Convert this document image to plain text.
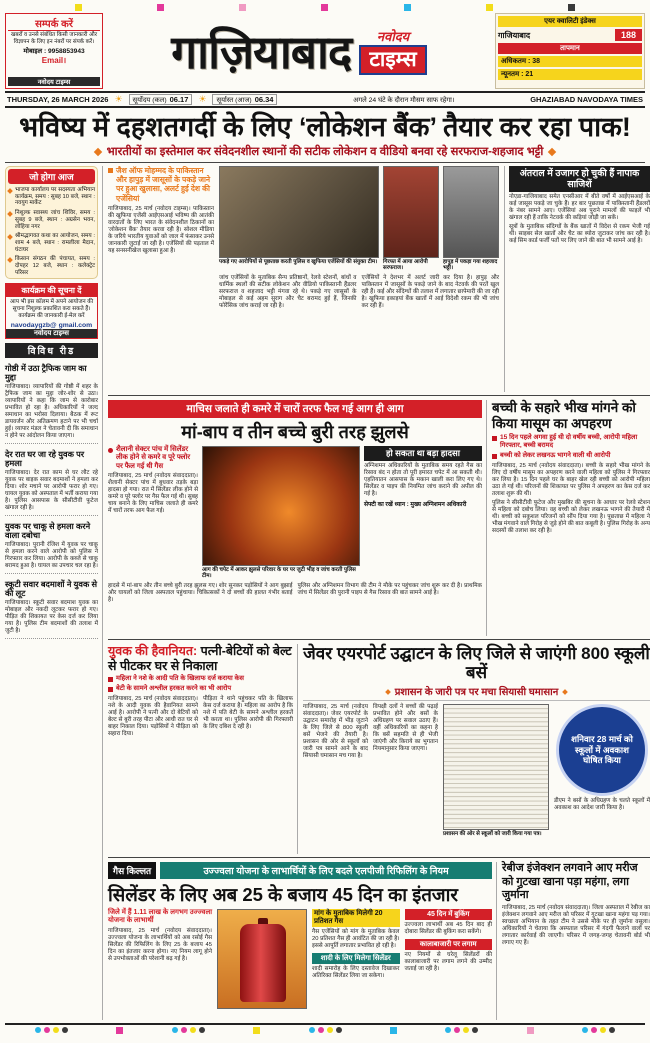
सम्पर्क करें
खबरों व उनसे संबंधित किसी जानकारी और विज्ञापन के लिए इन नंबरों पर संपर्क करें।
मोबाइल : 9958853943
Email।
नवोदय टाइम्स
गाज़ियाबाद नवोदय
टाइम्स
एयर क्वालिटी इंडेक्स
गाजियाबाद	188
तापमान
अधिकतम : 38
न्यूनतम : 21
THURSDAY, 26 MARCH 2026 ☀ सूर्योदय (कल) 06.17 ☀ सूर्यास्त (आज) 06.34	अगले 24 घंटे के दौरान मौसम साफ रहेगा।	GHAZIABAD NAVODAYA TIMES
भविष्य में दहशतगर्दी के लिए ‘लोकेशन बैंक’ तैयार कर रहा पाक!
भारतीयों का इस्तेमाल कर संवेदनशील स्थानों की सटीक लोकेशन व वीडियो बनवा रहे सरफराज-शहजाद भट्टी
जो होगा आज
भाजपा कार्यालय पर सदस्यता अभियान कार्यक्रम, समय : सुबह 10 बजे, स्थान : नवयुग मार्केट
निशुल्क स्वास्थ्य जांच शिविर, समय : सुबह 9 बजे, स्थान : अग्रसेन भवन, लोहिया नगर
श्रीमद्भागवत कथा का आयोजन, समय : शाम 4 बजे, स्थान : रामलीला मैदान, घंटाघर
किसान संगठन की पंचायत, समय : दोपहर 12 बजे, स्थान : कलेक्ट्रेट परिसर
कार्यक्रम की सूचना दें
आप भी इस कॉलम में अपने आयोजन की सूचना निशुल्क प्रकाशित करा सकते हैं। कार्यक्रम की जानकारी ई-मेल करें
navodaygzb@ gmail.com
नवोदय टाइम्स
विविध रीड
गोष्ठी में उठा ट्रैफिक जाम का मुद्दा

गाजियाबाद। व्यापारियों की गोष्ठी में शहर के ट्रैफिक जाम का मुद्दा जोर-शोर से उठा। व्यापारियों ने कहा कि जाम से कारोबार प्रभावित हो रहा है। अधिकारियों ने जल्द समाधान का भरोसा दिलाया। बैठक में रूट डायवर्जन और अतिक्रमण हटाने पर भी चर्चा हुई। व्यापार मंडल ने चेतावनी दी कि समाधान न होने पर आंदोलन किया जाएगा।

देर रात घर जा रहे युवक पर हमला

गाजियाबाद। देर रात काम से घर लौट रहे युवक पर बाइक सवार बदमाशों ने हमला कर दिया। शोर मचाने पर आरोपी फरार हो गए। घायल युवक को अस्पताल में भर्ती कराया गया है। पुलिस आसपास के सीसीटीवी फुटेज खंगाल रही है।

युवक पर चाकू से हमला करने वाला दबोचा

गाजियाबाद। पुरानी रंजिश में युवक पर चाकू से हमला करने वाले आरोपी को पुलिस ने गिरफ्तार कर लिया। आरोपी के कब्जे से चाकू बरामद हुआ है। घायल का उपचार चल रहा है।

स्कूटी सवार बदमाशों ने युवक से की लूट

गाजियाबाद। स्कूटी सवार बदमाश युवक का मोबाइल और नकदी लूटकर फरार हो गए। पीड़ित की शिकायत पर केस दर्ज कर लिया गया है। पुलिस टीम बदमाशों की तलाश में जुटी है।

जैश ऑफ मोहम्मद के पाकिस्तान और हापुड़ में जासूसों के पकड़े जाने पर हुआ खुलासा, अलर्ट हुई देश की एजेंसियां

गाजियाबाद, 25 मार्च (नवोदय टाइम्स)। पाकिस्तान की खुफिया एजेंसी आईएसआई भविष्य की आतंकी वारदातों के लिए भारत के संवेदनशील ठिकानों का ‘लोकेशन बैंक’ तैयार करवा रही है। सोशल मीडिया के जरिये भारतीय युवाओं को जाल में फंसाकर उनसे जानकारी जुटाई जा रही है। एजेंसियों की पड़ताल में यह सनसनीखेज खुलासा हुआ है।

पकड़े गए आरोपियों से पूछताछ करती पुलिस व खुफिया एजेंसियों की संयुक्त टीम।	गिरफ्त में आया आरोपी सरफराज।
हापुड़ में पकड़ा गया शहजाद भट्टी।
जांच एजेंसियों के मुताबिक सैन्य प्रतिष्ठानों, रेलवे स्टेशनों, बांधों व धार्मिक स्थलों की सटीक लोकेशन और वीडियो पाकिस्तानी हैंडलर सरफराज व शहजाद भट्टी मंगवा रहे थे। पकड़े गए जासूसों के मोबाइल से कई अहम सुराग और चैट बरामद हुई हैं, जिनकी फोरेंसिक जांच कराई जा रही है।
एजेंसियों ने देशभर में अलर्ट जारी कर दिया है। हापुड़ और पाकिस्तान में जासूसों के पकड़े जाने के बाद नेटवर्क की परतें खुल रही हैं। कई और संदिग्धों की तलाश में लगातार छापेमारी की जा रही है। खुफिया इकाइयां बैंक खातों में आई विदेशी रकम की भी जांच कर रही हैं।
अंतराल में उजागर हो चुकी हैं नापाक साजिशें

नोएडा-गाजियाबाद समेत एनसीआर में बीते वर्षों में आईएसआई के कई जासूस पकड़े जा चुके हैं। हर बार पूछताछ में पाकिस्तानी हैंडलरों के नंबर सामने आए। एजेंसियां अब पुराने मामलों की फाइलें भी खंगाल रही हैं ताकि नेटवर्क की कड़ियां जोड़ी जा सकें।

सूत्रों के मुताबिक संदिग्धों के बैंक खातों में विदेश से रकम भेजी गई थी। साइबर सेल खातों और चैट का ब्योरा जुटाकर जांच कर रही है। कई सिम कार्ड फर्जी पतों पर लिए जाने की बात भी सामने आई है।

माचिस जलाते ही कमरे में चारों तरफ फैल गई आग ही आग
मां-बाप व तीन बच्चे बुरी तरह झुलसे
शैलानी सेक्टर पांच में सिलेंडर लीक होने से कमरे व पूरे फ्लोर पर फैल गई थी गैस

गाजियाबाद, 25 मार्च (नवोदय संवाददाता)। शैलानी सेक्टर पांच में बुधवार तड़के बड़ा हादसा हो गया। रात में सिलेंडर लीक होने से कमरे व पूरे फ्लोर पर गैस फैल गई थी। सुबह चाय बनाने के लिए माचिस जलाते ही कमरे में चारों तरफ आग फैल गई।

आग की चपेट में आकर झुलसे परिवार के घर पर जुटी भीड़ व जांच करती पुलिस टीम।
हो सकता था बड़ा हादसा

अग्निशमन अधिकारियों के मुताबिक समय रहते गैस का रिसाव बंद न होता तो पूरी इमारत चपेट में आ सकती थी। एहतियातन आसपास के मकान खाली करा लिए गए थे। सिलेंडर व पाइप की नियमित जांच कराने की अपील की गई है।

सेफ्टी का रखें ध्यान : मुख्य अग्निशमन अधिकारी
हादसे में मां-बाप और तीन बच्चे बुरी तरह झुलस गए। शोर सुनकर पड़ोसियों ने आग बुझाई और घायलों को जिला अस्पताल पहुंचाया। चिकित्सकों ने दो बच्चों की हालत गंभीर बताई है।
पुलिस और अग्निशमन विभाग की टीम ने मौके पर पहुंचकर जांच शुरू कर दी है। प्राथमिक जांच में सिलेंडर की पुरानी पाइप से गैस रिसाव की बात सामने आई है।
बच्ची के सहारे भीख मांगने को किया मासूम का अपहरण
15 दिन पहले अगवा हुई थी दो वर्षीय बच्ची, आरोपी महिला गिरफ्तार, बच्ची बरामद
बच्ची को लेकर लखनऊ भागने वाली थी आरोपी

गाजियाबाद, 25 मार्च (नवोदय संवाददाता)। बच्ची के सहारे भीख मांगने के लिए दो वर्षीय मासूम का अपहरण करने वाली महिला को पुलिस ने गिरफ्तार कर लिया है। 15 दिन पहले घर के बाहर खेल रही बच्ची को आरोपी महिला उठा ले गई थी। परिजनों की शिकायत पर पुलिस ने अपहरण का केस दर्ज कर तलाश शुरू की थी।

पुलिस ने सीसीटीवी फुटेज और मुखबिर की सूचना के आधार पर रेलवे स्टेशन से महिला को दबोच लिया। वह बच्ची को लेकर लखनऊ भागने की तैयारी में थी। बच्ची को सकुशल परिजनों को सौंप दिया गया है। पूछताछ में महिला ने भीख मंगवाने वाले गिरोह से जुड़े होने की बात कबूली है। पुलिस गिरोह के अन्य सदस्यों की तलाश कर रही है।

युवक की हैवानियत: पत्नी-बेटियों को बेल्ट से पीटकर घर से निकाला
महिला ने नशे के आदी पति के खिलाफ दर्ज कराया केस
बेटी के सामने अश्लील हरकत करने का भी आरोप
गाजियाबाद, 25 मार्च (नवोदय संवाददाता)। नशे के आदी युवक की हैवानियत सामने आई है। आरोपी ने पत्नी और दो बेटियों को बेल्ट से बुरी तरह पीटा और आधी रात घर से बाहर निकाल दिया। पड़ोसियों ने पीड़िता को सहारा दिया।
पीड़िता ने थाने पहुंचकर पति के खिलाफ केस दर्ज कराया है। महिला का आरोप है कि नशे में पति बेटी के सामने अश्लील हरकतें भी करता था। पुलिस आरोपी की गिरफ्तारी के लिए दबिश दे रही है।
जेवर एयरपोर्ट उद्घाटन के लिए जिले से जाएंगी 800 स्कूली बसें
प्रशासन के जारी पत्र पर मचा सियासी घमासान
गाजियाबाद, 25 मार्च (नवोदय संवाददाता)। जेवर एयरपोर्ट के उद्घाटन समारोह में भीड़ जुटाने के लिए जिले से 800 स्कूली बसें भेजने की तैयारी है। प्रशासन की ओर से स्कूलों को जारी पत्र सामने आने के बाद सियासी घमासान मच गया है।
विपक्षी दलों ने बच्चों की पढ़ाई प्रभावित होने और बसों के अधिग्रहण पर सवाल उठाए हैं। वहीं अधिकारियों का कहना है कि बसें सहमति से ही भेजी जाएंगी और किराये का भुगतान नियमानुसार किया जाएगा।
प्रशासन की ओर से स्कूलों को जारी किया गया पत्र।
शनिवार 28 मार्च को स्कूलों में अवकाश घोषित किया
डीएम ने बसों के अधिग्रहण के चलते स्कूलों में अवकाश का आदेश जारी किया है।
गैस किल्लत	उज्ज्वला योजना के लाभार्थियों के लिए बदले एलपीजी रिफिलिंग के नियम
सिलेंडर के लिए अब 25 के बजाय 45 दिन का इंतजार
जिले में हैं 1.11 लाख के लगभग उज्ज्वला योजना के लाभार्थी

गाजियाबाद, 25 मार्च (नवोदय संवाददाता)। उज्ज्वला योजना के लाभार्थियों को अब रसोई गैस सिलेंडर की रिफिलिंग के लिए 25 के बजाय 45 दिन का इंतजार करना होगा। नए नियम लागू होने से उपभोक्ताओं की परेशानी बढ़ गई है।

मांग के मुताबिक मिलेगी 20 प्रतिशत गैस

गैस एजेंसियों को मांग के मुताबिक केवल 20 प्रतिशत गैस ही आवंटित की जा रही है। इससे आपूर्ति लगातार प्रभावित हो रही है।

शादी के लिए मिलेगा सिलेंडर

शादी समारोह के लिए दस्तावेज दिखाकर अतिरिक्त सिलेंडर लिया जा सकेगा।

45 दिन में बुकिंग

उज्ज्वला लाभार्थी अब 45 दिन बाद ही दोबारा सिलेंडर की बुकिंग करा सकेंगे।

कालाबाजारी पर लगाम

नए नियमों से घरेलू सिलेंडरों की कालाबाजारी पर लगाम लगने की उम्मीद जताई जा रही है।

रेबीज इंजेक्शन लगवाने आए मरीज को गुटखा खाना पड़ा महंगा, लगा जुर्माना

गाजियाबाद, 25 मार्च (नवोदय संवाददाता)। जिला अस्पताल में रेबीज का इंजेक्शन लगवाने आए मरीज को परिसर में गुटखा खाना महंगा पड़ गया। स्वच्छता अभियान के तहत टीम ने उससे मौके पर ही जुर्माना वसूला। अधिकारियों ने चेताया कि अस्पताल परिसर में गंदगी फैलाने वालों पर लगातार कार्रवाई की जाएगी। परिसर में जगह-जगह चेतावनी बोर्ड भी लगाए गए हैं।
